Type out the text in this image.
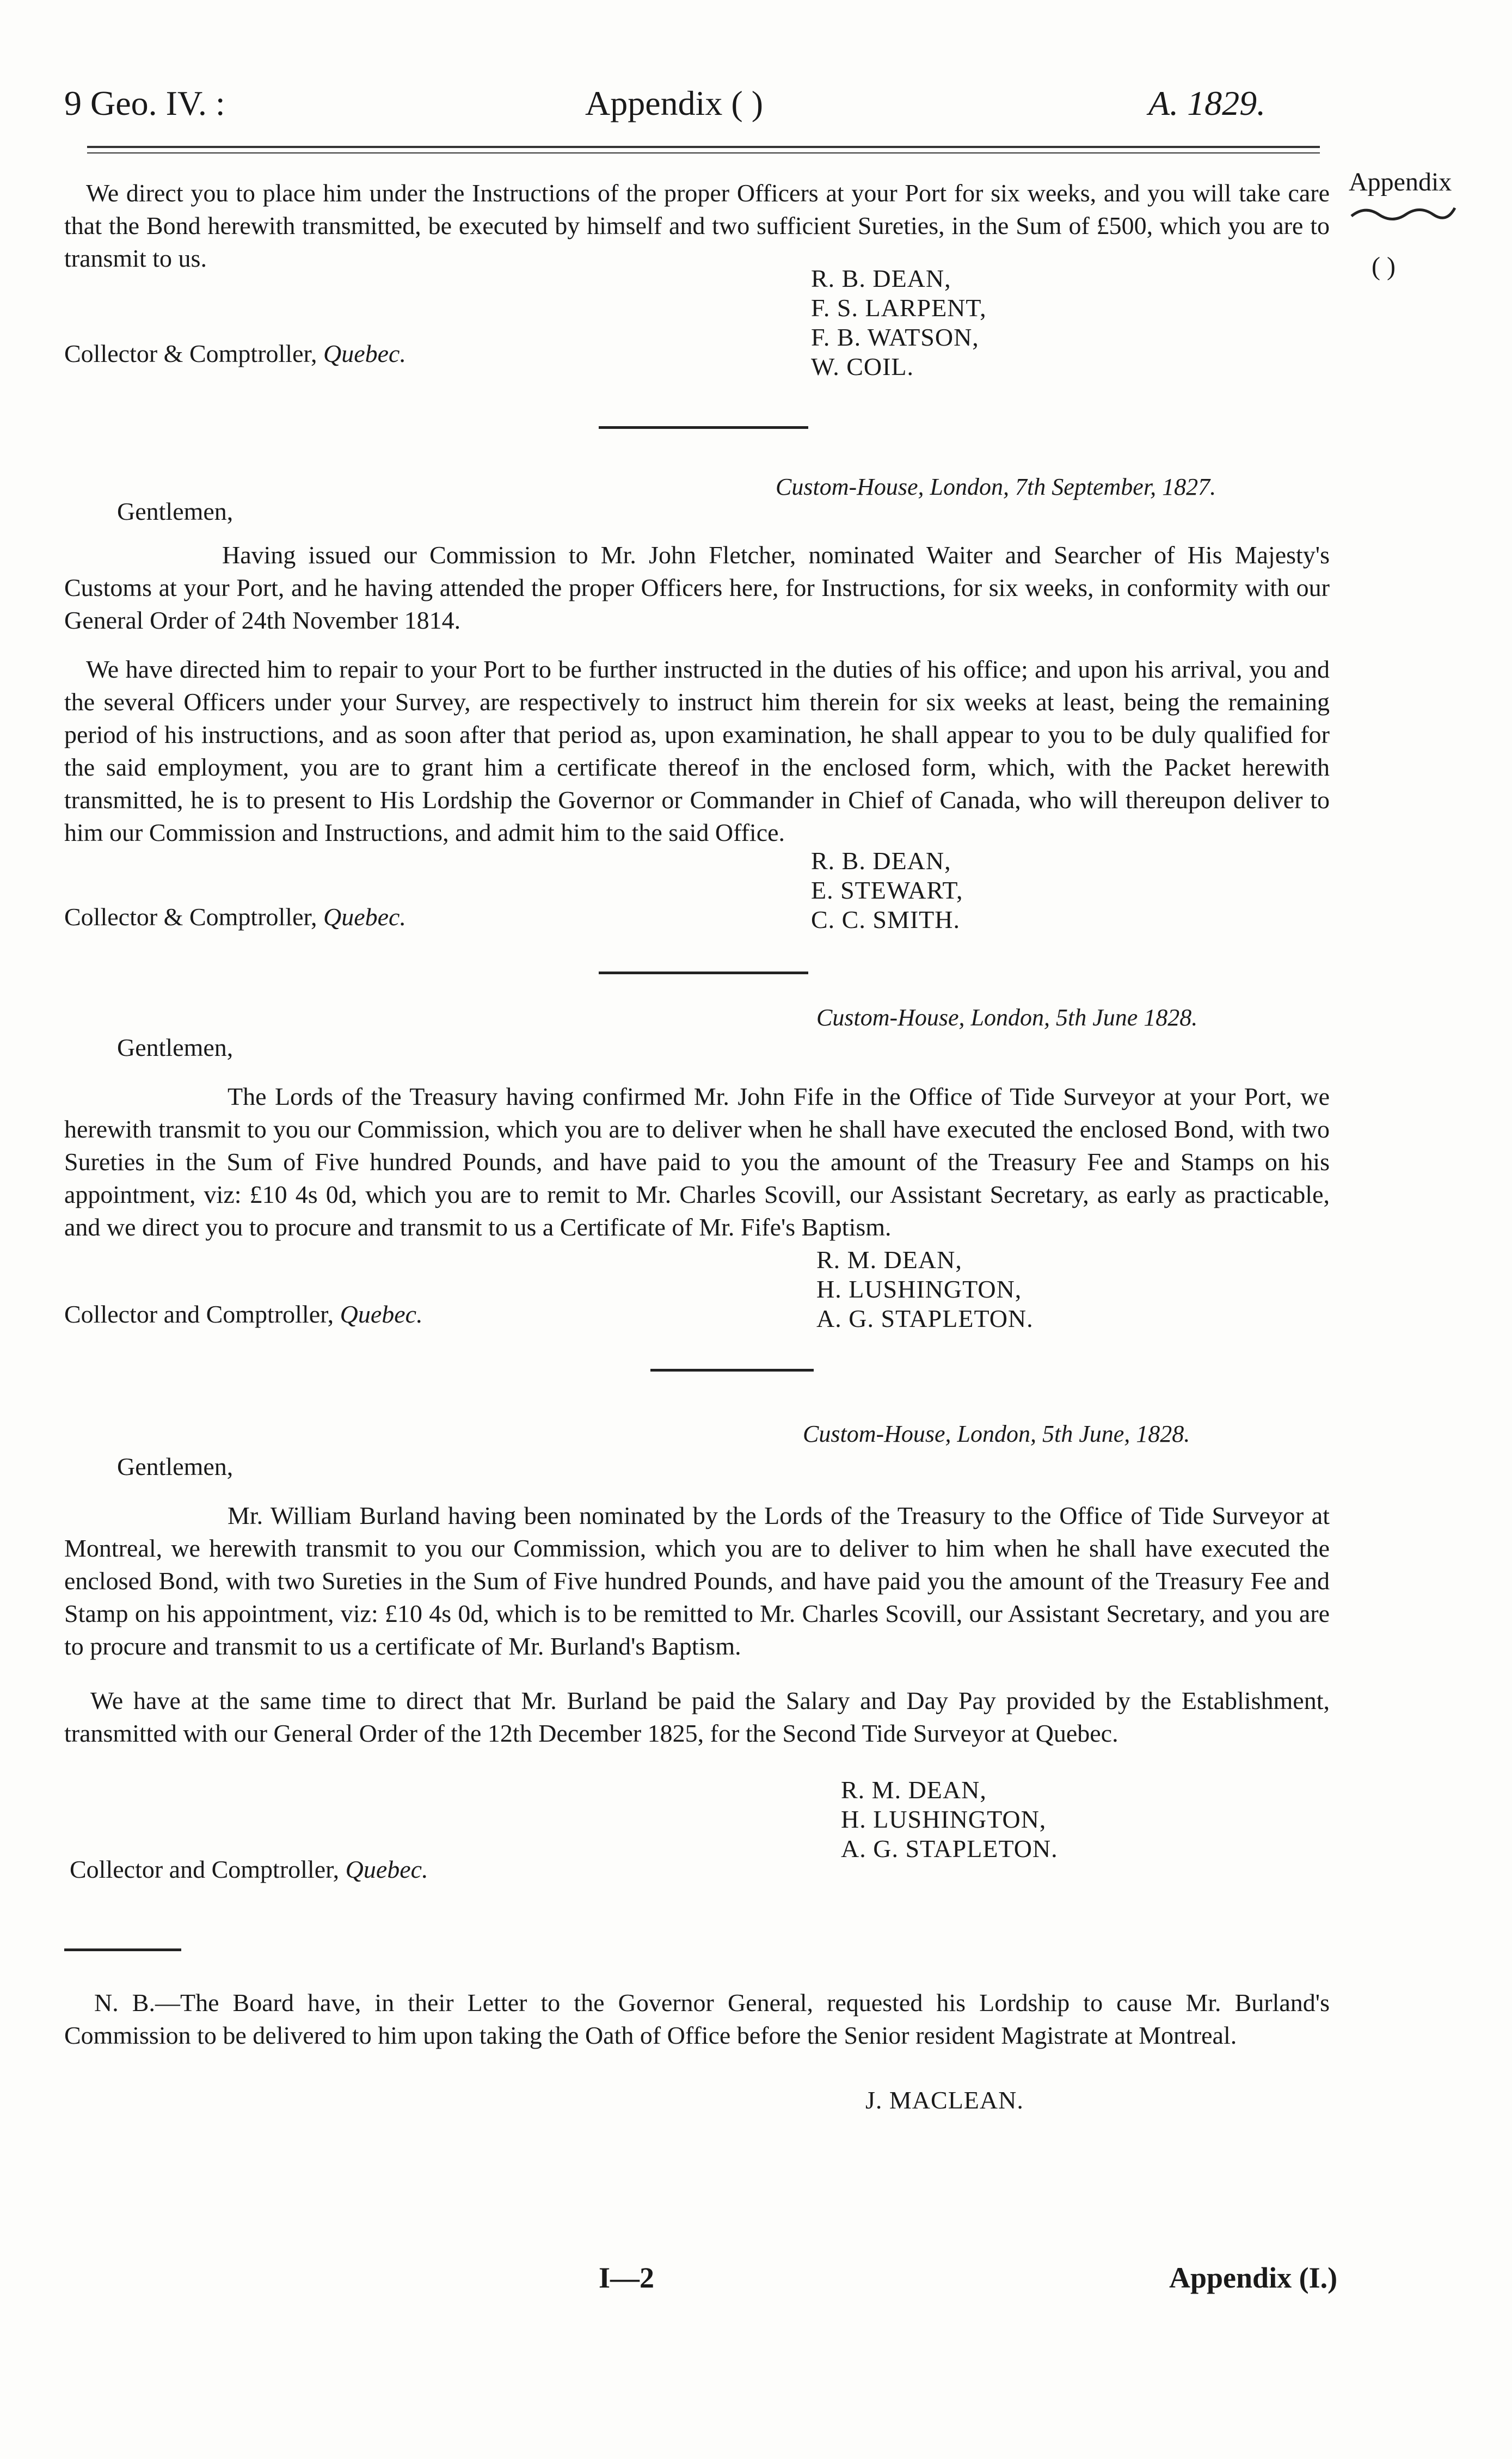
9 Geo. IV. :	Appendix ( )	A. 1829.
Appendix
( )

We direct you to place him under the Instructions of the proper Officers at your Port for six weeks, and you will take care that the Bond herewith transmitted, be executed by himself and two sufficient Sureties, in the Sum of £500, which you are to transmit to us.

R. B. DEAN,
F. S. LARPENT,
F. B. WATSON,
W. COIL.
Collector & Comptroller, Quebec.
Custom-House, London, 7th September, 1827.
Gentlemen,

Having issued our Commission to Mr. John Fletcher, nominated Waiter and Searcher of His Majesty's Customs at your Port, and he having attended the proper Officers here, for Instructions, for six weeks, in conformity with our General Order of 24th November 1814.

We have directed him to repair to your Port to be further instructed in the duties of his office; and upon his arrival, you and the several Officers under your Survey, are respectively to instruct him therein for six weeks at least, being the remaining period of his instructions, and as soon after that period as, upon examination, he shall appear to you to be duly qualified for the said employment, you are to grant him a certificate thereof in the enclosed form, which, with the Packet herewith transmitted, he is to present to His Lordship the Governor or Commander in Chief of Canada, who will thereupon deliver to him our Commission and Instructions, and admit him to the said Office.

R. B. DEAN,
E. STEWART,
C. C. SMITH.
Collector & Comptroller, Quebec.
Custom-House, London, 5th June 1828.
Gentlemen,

The Lords of the Treasury having confirmed Mr. John Fife in the Office of Tide Surveyor at your Port, we herewith transmit to you our Commission, which you are to deliver when he shall have executed the enclosed Bond, with two Sureties in the Sum of Five hundred Pounds, and have paid to you the amount of the Treasury Fee and Stamps on his appointment, viz: £10 4s 0d, which you are to remit to Mr. Charles Scovill, our Assistant Secretary, as early as practicable, and we direct you to procure and transmit to us a Certificate of Mr. Fife's Baptism.

R. M. DEAN,
H. LUSHINGTON,
A. G. STAPLETON.
Collector and Comptroller, Quebec.
Custom-House, London, 5th June, 1828.
Gentlemen,

Mr. William Burland having been nominated by the Lords of the Treasury to the Office of Tide Surveyor at Montreal, we herewith transmit to you our Commission, which you are to deliver to him when he shall have executed the enclosed Bond, with two Sureties in the Sum of Five hundred Pounds, and have paid you the amount of the Treasury Fee and Stamp on his appointment, viz: £10 4s 0d, which is to be remitted to Mr. Charles Scovill, our Assistant Secretary, and you are to procure and transmit to us a certificate of Mr. Burland's Baptism.

We have at the same time to direct that Mr. Burland be paid the Salary and Day Pay provided by the Establishment, transmitted with our General Order of the 12th December 1825, for the Second Tide Surveyor at Quebec.

R. M. DEAN,
H. LUSHINGTON,
A. G. STAPLETON.
Collector and Comptroller, Quebec.

N. B.—The Board have, in their Letter to the Governor General, requested his Lordship to cause Mr. Burland's Commission to be delivered to him upon taking the Oath of Office before the Senior resident Magistrate at Montreal.

J. MACLEAN.
I—2	Appendix (I.)
